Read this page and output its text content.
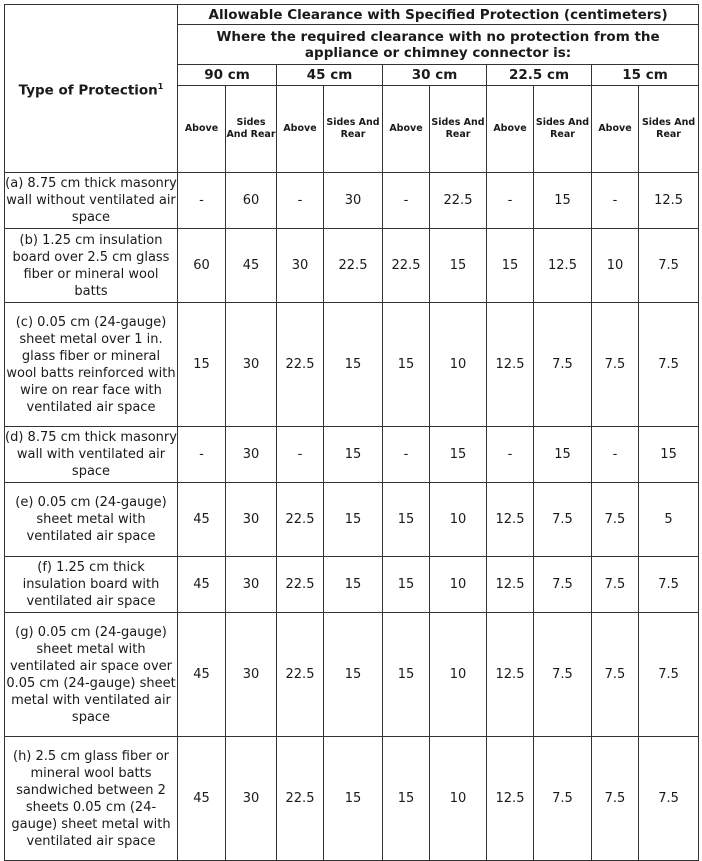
Type of Protection$^1$	Allowable Clearance with Specified Protection (centimeters)									
	Where the required clearance with no protection from the appliance or chimney connector is:									
	90 cm		45 cm		30 cm		22.5 cm		15 cm	
	Above	Sides And Rear	Above	Sides And Rear	Above	Sides And Rear	Above	Sides And Rear	Above	Sides And Rear
(a) 8.75 cm thick masonry wall without ventilated air space	-	60	-	30	-	22.5	-	15	-	12.5
(b) 1.25 cm insulation board over 2.5 cm glass fiber or mineral wool batts	60	45	30	22.5	22.5	15	15	12.5	10	7.5
(c) 0.05 cm (24-gauge) sheet metal over 1 in. glass fiber or mineral wool batts reinforced with wire on rear face with ventilated air space	15	30	22.5	15	15	10	12.5	7.5	7.5	7.5
(d) 8.75 cm thick masonry wall with ventilated air space	-	30	-	15	-	15	-	15	-	15
(e) 0.05 cm (24-gauge) sheet metal with ventilated air space	45	30	22.5	15	15	10	12.5	7.5	7.5	5
(f) 1.25 cm thick insulation board with ventilated air space	45	30	22.5	15	15	10	12.5	7.5	7.5	7.5
(g) 0.05 cm (24-gauge) sheet metal with ventilated air space over 0.05 cm (24-gauge) sheet metal with ventilated air space	45	30	22.5	15	15	10	12.5	7.5	7.5	7.5
(h) 2.5 cm glass fiber or mineral wool batts sandwiched between 2 sheets 0.05 cm (24-gauge) sheet metal with ventilated air space	45	30	22.5	15	15	10	12.5	7.5	7.5	7.5
